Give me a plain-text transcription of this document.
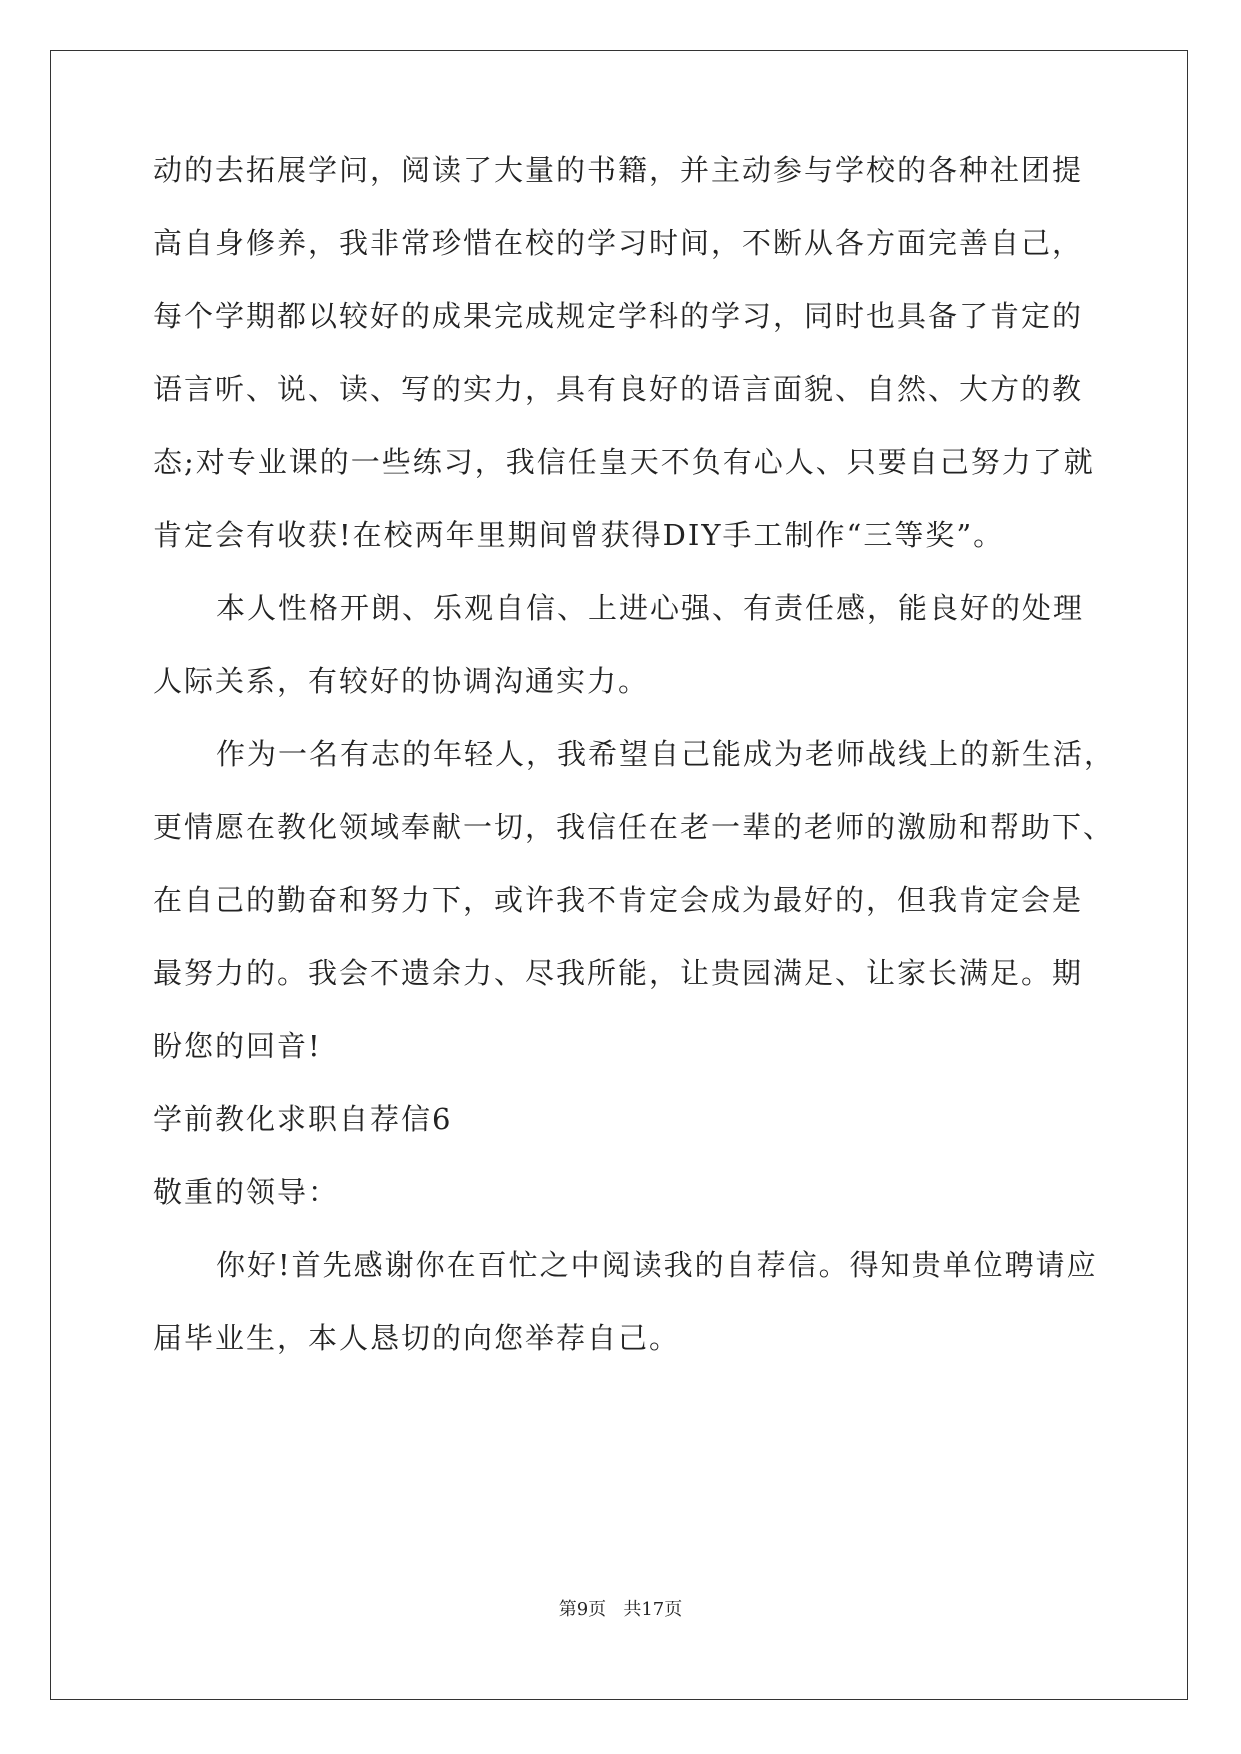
动的去拓展学问，阅读了大量的书籍，并主动参与学校的各种社团提
高自身修养，我非常珍惜在校的学习时间，不断从各方面完善自己，
每个学期都以较好的成果完成规定学科的学习，同时也具备了肯定的
语言听、说、读、写的实力，具有良好的语言面貌、自然、大方的教
态;对专业课的一些练习，我信任皇天不负有心人、只要自己努力了就
肯定会有收获!在校两年里期间曾获得DIY手工制作“三等奖”。
本人性格开朗、乐观自信、上进心强、有责任感，能良好的处理
人际关系，有较好的协调沟通实力。
作为一名有志的年轻人，我希望自己能成为老师战线上的新生活，
更情愿在教化领域奉献一切，我信任在老一辈的老师的激励和帮助下、
在自己的勤奋和努力下，或许我不肯定会成为最好的，但我肯定会是
最努力的。我会不遗余力、尽我所能，让贵园满足、让家长满足。期
盼您的回音!
学前教化求职自荐信6
敬重的领导：
你好!首先感谢你在百忙之中阅读我的自荐信。得知贵单位聘请应
届毕业生，本人恳切的向您举荐自己。
第9页   共17页
